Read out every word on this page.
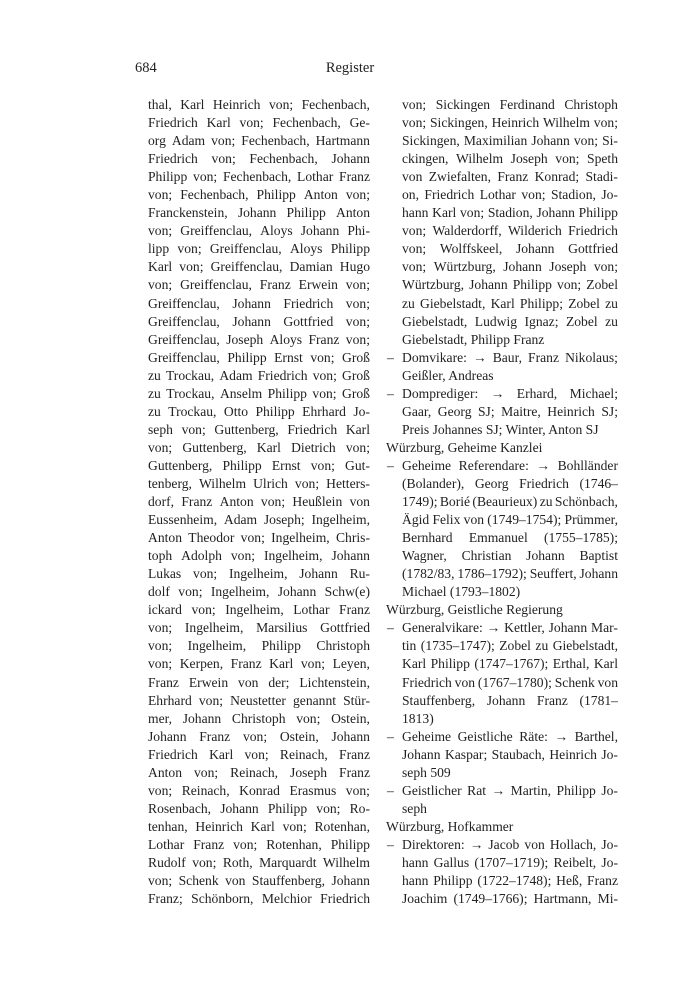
684	Register
thal, Karl Heinrich von; Fechenbach,
Friedrich Karl von; Fechenbach, Ge-
org Adam von; Fechenbach, Hartmann
Friedrich von; Fechenbach, Johann
Philipp von; Fechenbach, Lothar Franz
von; Fechenbach, Philipp Anton von;
Franckenstein, Johann Philipp Anton
von; Greiffenclau, Aloys Johann Phi-
lipp von; Greiffenclau, Aloys Philipp
Karl von; Greiffenclau, Damian Hugo
von; Greiffenclau, Franz Erwein von;
Greiffenclau, Johann Friedrich von;
Greiffenclau, Johann Gottfried von;
Greiffenclau, Joseph Aloys Franz von;
Greiffenclau, Philipp Ernst von; Groß
zu Trockau, Adam Friedrich von; Groß
zu Trockau, Anselm Philipp von; Groß
zu Trockau, Otto Philipp Ehrhard Jo-
seph von; Guttenberg, Friedrich Karl
von; Guttenberg, Karl Dietrich von;
Guttenberg, Philipp Ernst von; Gut-
tenberg, Wilhelm Ulrich von; Hetters-
dorf, Franz Anton von; Heußlein von
Eussenheim, Adam Joseph; Ingelheim,
Anton Theodor von; Ingelheim, Chris-
toph Adolph von; Ingelheim, Johann
Lukas von; Ingelheim, Johann Ru-
dolf von; Ingelheim, Johann Schw(e)
ickard von; Ingelheim, Lothar Franz
von; Ingelheim, Marsilius Gottfried
von; Ingelheim, Philipp Christoph
von; Kerpen, Franz Karl von; Leyen,
Franz Erwein von der; Lichtenstein,
Ehrhard von; Neustetter genannt Stür-
mer, Johann Christoph von; Ostein,
Johann Franz von; Ostein, Johann
Friedrich Karl von; Reinach, Franz
Anton von; Reinach, Joseph Franz
von; Reinach, Konrad Erasmus von;
Rosenbach, Johann Philipp von; Ro-
tenhan, Heinrich Karl von; Rotenhan,
Lothar Franz von; Rotenhan, Philipp
Rudolf von; Roth, Marquardt Wilhelm
von; Schenk von Stauffenberg, Johann
Franz; Schönborn, Melchior Friedrich
von; Sickingen Ferdinand Christoph
von; Sickingen, Heinrich Wilhelm von;
Sickingen, Maximilian Johann von; Si-
ckingen, Wilhelm Joseph von; Speth
von Zwiefalten, Franz Konrad; Stadi-
on, Friedrich Lothar von; Stadion, Jo-
hann Karl von; Stadion, Johann Philipp
von; Walderdorff, Wilderich Friedrich
von; Wolffskeel, Johann Gottfried
von; Würtzburg, Johann Joseph von;
Würtzburg, Johann Philipp von; Zobel
zu Giebelstadt, Karl Philipp; Zobel zu
Giebelstadt, Ludwig Ignaz; Zobel zu
Giebelstadt, Philipp Franz
– Domvikare: → Baur, Franz Nikolaus;
Geißler, Andreas
– Domprediger: → Erhard, Michael;
Gaar, Georg SJ; Maitre, Heinrich SJ;
Preis Johannes SJ; Winter, Anton SJ
Würzburg, Geheime Kanzlei
– Geheime Referendare: → Bohlländer
(Bolander), Georg Friedrich (1746–
1749); Borié (Beaurieux) zu Schönbach,
Ägid Felix von (1749–1754); Prümmer,
Bernhard Emmanuel (1755–1785);
Wagner, Christian Johann Baptist
(1782/83, 1786–1792); Seuffert, Johann
Michael (1793–1802)
Würzburg, Geistliche Regierung
– Generalvikare: → Kettler, Johann Mar-
tin (1735–1747); Zobel zu Giebelstadt,
Karl Philipp (1747–1767); Erthal, Karl
Friedrich von (1767–1780); Schenk von
Stauffenberg, Johann Franz (1781–
1813)
– Geheime Geistliche Räte: → Barthel,
Johann Kaspar; Staubach, Heinrich Jo-
seph 509
– Geistlicher Rat → Martin, Philipp Jo-
seph
Würzburg, Hofkammer
– Direktoren: → Jacob von Hollach, Jo-
hann Gallus (1707–1719); Reibelt, Jo-
hann Philipp (1722–1748); Heß, Franz
Joachim (1749–1766); Hartmann, Mi-
